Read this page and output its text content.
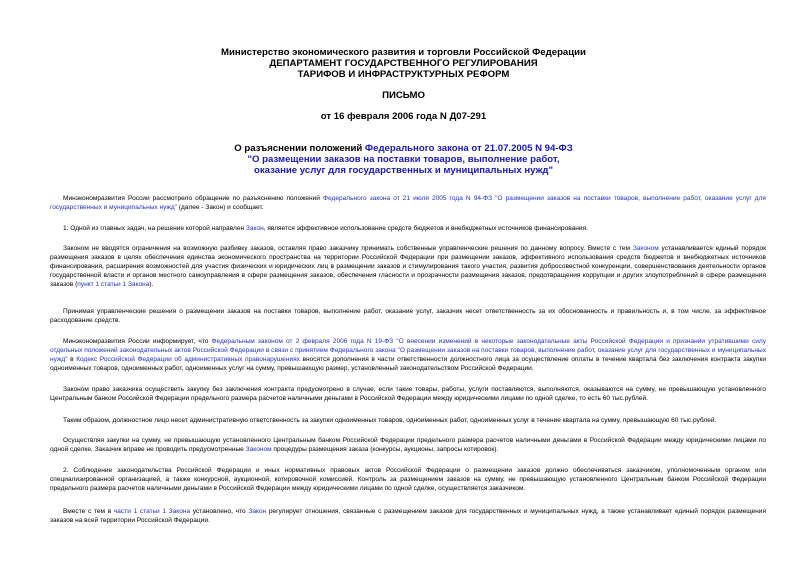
Министерство экономического развития и торговли Российской Федерации
ДЕПАРТАМЕНТ ГОСУДАРСТВЕННОГО РЕГУЛИРОВАНИЯ
ТАРИФОВ И ИНФРАСТРУКТУРНЫХ РЕФОРМ
ПИСЬМО
от 16 февраля 2006 года N Д07-291
О разъяснении положений Федерального закона от 21.07.2005 N 94-ФЗ
"О размещении заказов на поставки товаров, выполнение работ,
оказание услуг для государственных и муниципальных нужд"
Минэкономразвития России рассмотрело обращение по разъяснению положений Федерального закона от 21 июля 2005 года N 94-ФЗ "О размещении заказов на поставки товаров, выполнение работ, оказание услуг для государственных и муниципальных нужд" (далее - Закон) и сообщает.
1. Одной из главных задач, на решение которой направлен Закон, является эффективное использование средств бюджетов и внебюджетных источников финансирования.
Законом не вводятся ограничения на возможную разбивку заказов, оставляя право заказчику принимать собственные управленческие решения по данному вопросу. Вместе с тем Законом устанавливается единый порядок размещения заказов в целях обеспечения единства экономического пространства на территории Российской Федерации при размещении заказов, эффективного использования средств бюджетов и внебюджетных источников финансирования, расширения возможностей для участия физических и юридических лиц в размещении заказов и стимулирования такого участия, развития добросовестной конкуренции, совершенствования деятельности органов государственной власти и органов местного самоуправления в сфере размещения заказов, обеспечения гласности и прозрачности размещения заказов, предотвращения коррупции и других злоупотреблений в сфере размещения заказов (пункт 1 статьи 1 Закона).
Принимая управленческие решения о размещении заказов на поставки товаров, выполнение работ, оказание услуг, заказчик несет ответственность за их обоснованность и правильность и, в том числе, за эффективное расходование средств.
Минэкономразвития России информирует, что Федеральным законом от 2 февраля 2006 года N 19-ФЗ "О внесении изменений в некоторые законодательные акты Российской Федерации и признании утратившими силу отдельных положений законодательных актов Российской Федерации в связи с принятием Федерального закона "О размещении заказов на поставки товаров, выполнение работ, оказание услуг для государственных и муниципальных нужд" в Кодекс Российской Федерации об административных правонарушениях вносятся дополнения в части ответственности должностного лица за осуществление оплаты в течение квартала без заключения контракта закупки одноименных товаров, одноименных работ, одноименных услуг на сумму, превышающую размер, установленный законодательством Российской Федерации.
Законом право заказчика осуществить закупку без заключения контракта предусмотрено в случае, если такие товары, работы, услуги поставляются, выполняются, оказываются на сумму, не превышающую установленного Центральным банком Российской Федерации предельного размера расчетов наличными деньгами в Российской Федерации между юридическими лицами по одной сделке, то есть 60 тыс.рублей.
Таким образом, должностное лицо несет административную ответственность за закупки одноименных товаров, одноименных работ, одноименных услуг в течение квартала на сумму, превышающую 60 тыс.рублей.
Осуществляя закупки на сумму, не превышающую установленного Центральным банком Российской Федерации предельного размера расчетов наличными деньгами в Российской Федерации между юридическими лицами по одной сделке, Заказчик вправе не проводить предусмотренные Законом процедуры размещения заказа (конкурсы, аукционы, запросы котировок).
2. Соблюдение законодательства Российской Федерации и иных нормативных правовых актов Российской Федерации о размещении заказов должно обеспечиваться заказчиком, уполномоченным органом или специализированной организацией, а также конкурсной, аукционной, котировочной комиссией. Контроль за размещением заказов на сумму, не превышающую установленного Центральным банком Российской Федерации предельного размера расчетов наличными деньгами в Российской Федерации между юридическими лицами по одной сделке, осуществляется заказчиком.
Вместе с тем в части 1 статьи 1 Закона установлено, что Закон регулирует отношения, связанные с размещением заказов для государственных и муниципальных нужд, а также устанавливает единый порядок размещения заказов на всей территории Российской Федерации.
